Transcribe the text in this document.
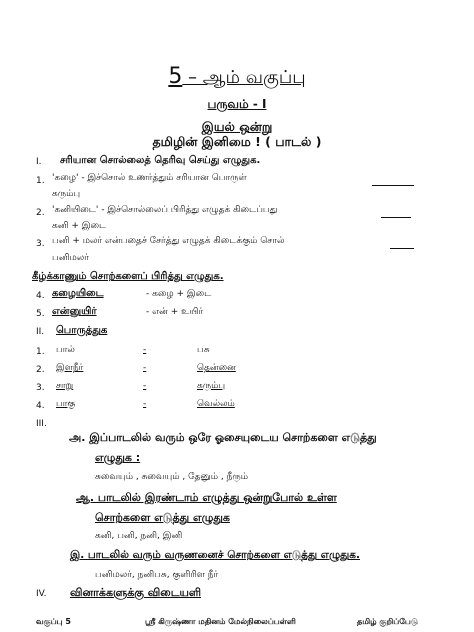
5 – ஆம் வகுப்பு
பருவம் - I
இயல் ஒன்று
தமிழின் இனிமை ! ( பாடல் )
I. சரியான சொல்லைத் தெரிவு செய்து எழுதுக.
1. 'கழை' - இச்சொல் உணர்த்தும் சரியான பொருள்
கரும்பு
2. 'கனியிடை' - இச்சொல்லைப் பிரித்து எழுதக் கிடைப்பது
கனி + இடை
3. பனி + மலர் என்பதைச் சேர்த்து எழுதக் கிடைக்கும் சொல்
பனிமலர்
கீழ்க்காணும் சொற்களைப் பிரித்து எழுதுக.
4. கழையிடை	- கழை + இடை
5. என்னுயிர்	- என் + உயிர்
II. பொருத்துக
1. பால்	-	பசு
2. இளநீர்	-	தென்னை
3. சாறு	-	கரும்பு
4. பாகு	-	வெல்லம்
III.
அ. இப்பாடலில் வரும் ஒரே ஓசையுடைய சொற்களை எடுத்து
எழுதுக :
சுவையும் , சுவையும் , தேனும் , நீரும்
ஆ. பாடலில் இரண்டாம் எழுத்து ஒன்றுபோல் உள்ள
சொற்களை எடுத்து எழுதுக
கனி, பனி, நனி, இனி
இ. பாடலில் வரும் வருணனைச் சொற்களை எடுத்து எழுதுக.
பனிமலர், நனிபசு, குளிரிள நீர்
IV. வினாக்களுக்கு விடையளி
வகுப்பு 5	ஸ்ரீ கிருஷ்ணா மதினம் மேல்நிலைப்பள்ளி	தமிழ் குறிப்பேடு
